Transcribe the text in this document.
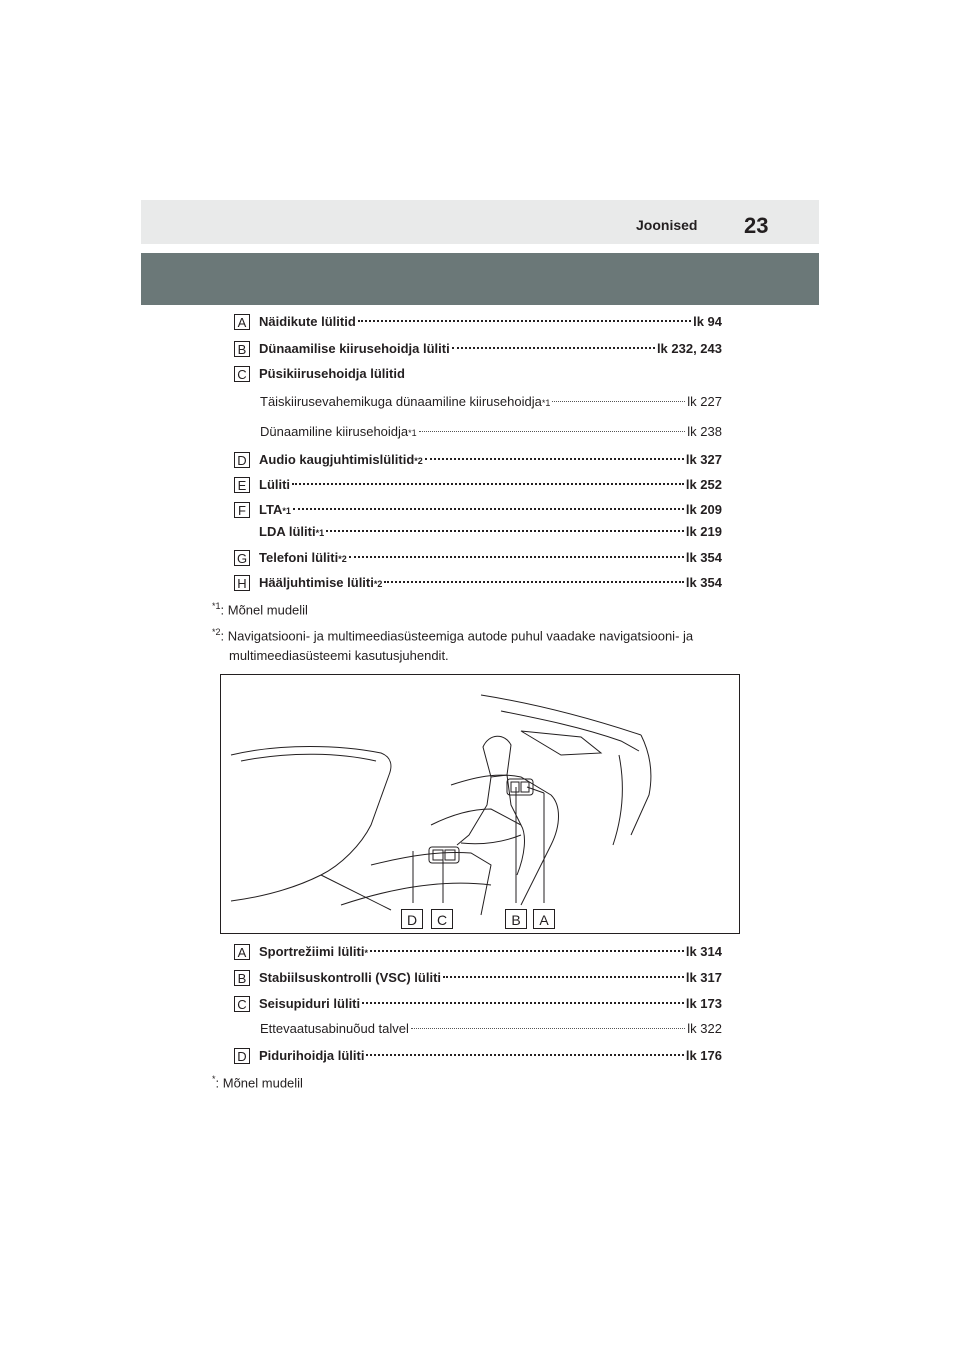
Joonised 23
A Näidikute lülitid	lk 94
B Dünaamilise kiirusehoidja lüliti	lk 232, 243
C Püsikiirusehoidja lülitid
Täiskiirusevahemikuga dünaamiline kiirusehoidja *1	lk 227
Dünaamiline kiirusehoidja *1	lk 238
D Audio kaugjuhtimislülitid *2	lk 327
E Lüliti	lk 252
F	LTA *1	lk 209
LDA lüliti *1	lk 219
G Telefoni lüliti *2	lk 354
H Hääljuhtimise lüliti *2	lk 354
$^{*1}$: Mõnel mudelil
$^{*2}$: Navigatsiooni- ja multimeediasüsteemiga autode puhul vaadake navigatsiooni- ja
multimeediasüsteemi kasutusjuhendit.
D	C	B	A
A Sportrežiimi lüliti *	lk 314
B Stabiilsuskontrolli (VSC) lüliti	lk 317
C Seisupiduri lüliti	lk 173
Ettevaatusabinuõud talvel	lk 322
D Pidurihoidja lüliti	lk 176
*: Mõnel mudelil
